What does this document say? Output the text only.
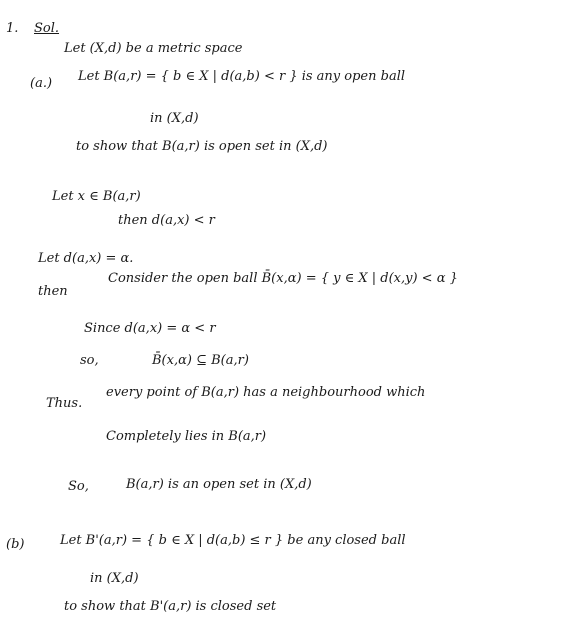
1. Sol.
Let (X,d) be a metric space
(a.) Let B(a,r) = { b ∈ X | d(a,b) < r } is any open ball
in (X,d)
to show that B(a,r) is open set in (X,d)
Let x ∈ B(a,r)
then d(a,x) < r
Let d(a,x) = α.
then
Consider the open ball B̄(x,α) = { y ∈ X | d(x,y) < α }
Since d(a,x) = α < r
so,	B̄(x,α) ⊆ B(a,r)
Thus.
every point of B(a,r) has a neighbourhood which
Completely lies in B(a,r)
So,	B(a,r) is an open set in (X,d)
(b)	Let B'(a,r) = { b ∈ X | d(a,b) ≤ r } be any closed ball
in (X,d)
to show that B'(a,r) is closed set
